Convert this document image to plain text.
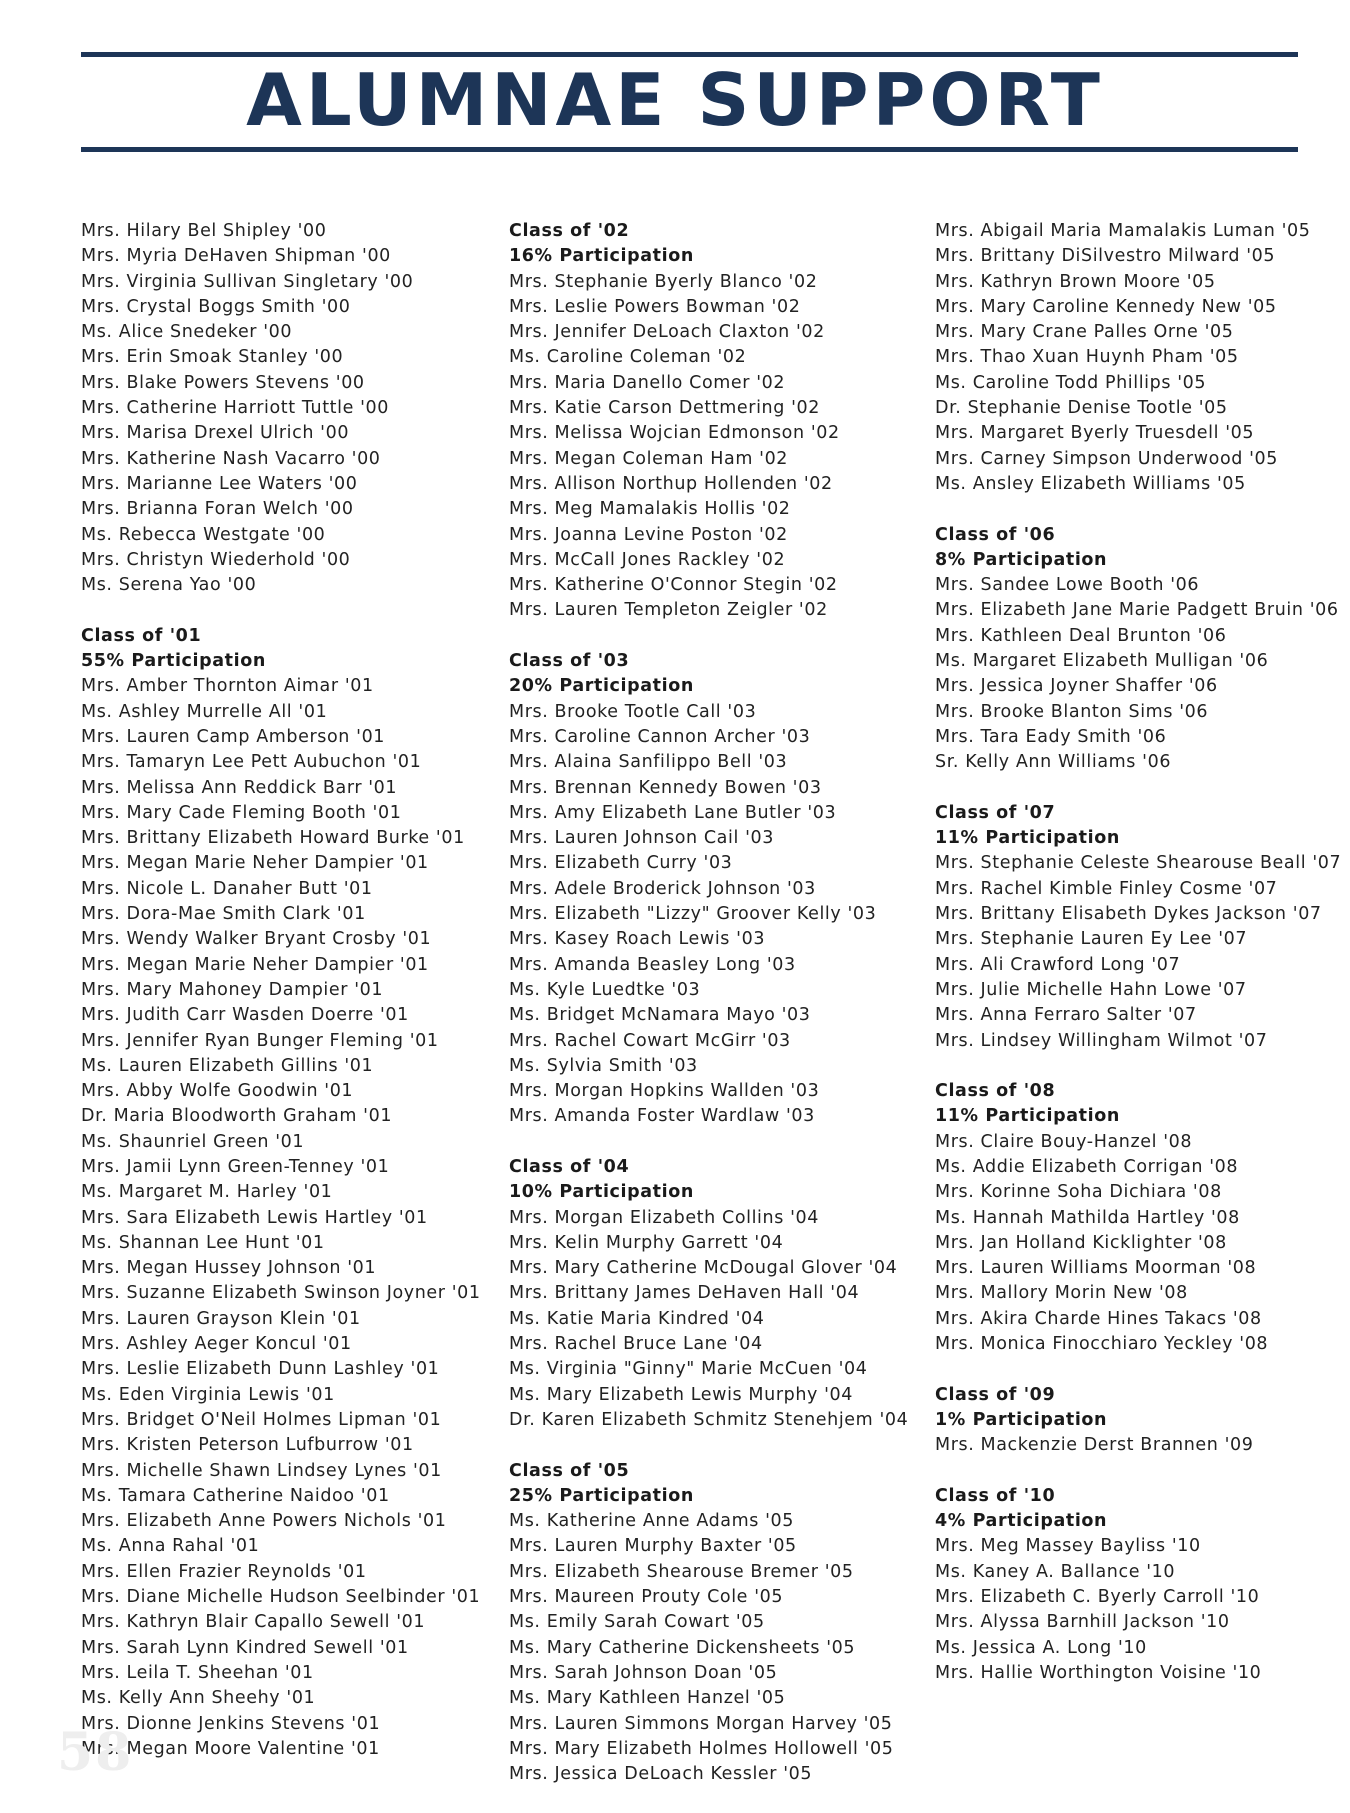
ALUMNAE SUPPORT
Mrs. Hilary Bel Shipley '00
Mrs. Myria DeHaven Shipman '00
Mrs. Virginia Sullivan Singletary '00
Mrs. Crystal Boggs Smith '00
Ms. Alice Snedeker '00
Mrs. Erin Smoak Stanley '00
Mrs. Blake Powers Stevens '00
Mrs. Catherine Harriott Tuttle '00
Mrs. Marisa Drexel Ulrich '00
Mrs. Katherine Nash Vacarro '00
Mrs. Marianne Lee Waters '00
Mrs. Brianna Foran Welch '00
Ms. Rebecca Westgate '00
Mrs. Christyn Wiederhold '00
Ms. Serena Yao '00
Class of '01
55% Participation
Mrs. Amber Thornton Aimar '01
Ms. Ashley Murrelle All '01
Mrs. Lauren Camp Amberson '01
Mrs. Tamaryn Lee Pett Aubuchon '01
Mrs. Melissa Ann Reddick Barr '01
Mrs. Mary Cade Fleming Booth '01
Mrs. Brittany Elizabeth Howard Burke '01
Mrs. Megan Marie Neher Dampier '01
Mrs. Nicole L. Danaher Butt '01
Mrs. Dora-Mae Smith Clark '01
Mrs. Wendy Walker Bryant Crosby '01
Mrs. Megan Marie Neher Dampier '01
Mrs. Mary Mahoney Dampier '01
Mrs. Judith Carr Wasden Doerre '01
Mrs. Jennifer Ryan Bunger Fleming '01
Ms. Lauren Elizabeth Gillins '01
Mrs. Abby Wolfe Goodwin '01
Dr. Maria Bloodworth Graham '01
Ms. Shaunriel Green '01
Mrs. Jamii Lynn Green-Tenney '01
Ms. Margaret M. Harley '01
Mrs. Sara Elizabeth Lewis Hartley '01
Ms. Shannan Lee Hunt '01
Mrs. Megan Hussey Johnson '01
Mrs. Suzanne Elizabeth Swinson Joyner '01
Mrs. Lauren Grayson Klein '01
Mrs. Ashley Aeger Koncul '01
Mrs. Leslie Elizabeth Dunn Lashley '01
Ms. Eden Virginia Lewis '01
Mrs. Bridget O'Neil Holmes Lipman '01
Mrs. Kristen Peterson Lufburrow '01
Mrs. Michelle Shawn Lindsey Lynes '01
Ms. Tamara Catherine Naidoo '01
Mrs. Elizabeth Anne Powers Nichols '01
Ms. Anna Rahal '01
Mrs. Ellen Frazier Reynolds '01
Mrs. Diane Michelle Hudson Seelbinder '01
Mrs. Kathryn Blair Capallo Sewell '01
Mrs. Sarah Lynn Kindred Sewell '01
Mrs. Leila T. Sheehan '01
Ms. Kelly Ann Sheehy '01
Mrs. Dionne Jenkins Stevens '01
Mrs. Megan Moore Valentine '01
Class of '02
16% Participation
Mrs. Stephanie Byerly Blanco '02
Mrs. Leslie Powers Bowman '02
Mrs. Jennifer DeLoach Claxton '02
Ms. Caroline Coleman '02
Mrs. Maria Danello Comer '02
Mrs. Katie Carson Dettmering '02
Mrs. Melissa Wojcian Edmonson '02
Mrs. Megan Coleman Ham '02
Mrs. Allison Northup Hollenden '02
Mrs. Meg Mamalakis Hollis '02
Mrs. Joanna Levine Poston '02
Mrs. McCall Jones Rackley '02
Mrs. Katherine O'Connor Stegin '02
Mrs. Lauren Templeton Zeigler '02
Class of '03
20% Participation
Mrs. Brooke Tootle Call '03
Mrs. Caroline Cannon Archer '03
Mrs. Alaina Sanfilippo Bell '03
Mrs. Brennan Kennedy Bowen '03
Mrs. Amy Elizabeth Lane Butler '03
Mrs. Lauren Johnson Cail '03
Mrs. Elizabeth Curry '03
Mrs. Adele Broderick Johnson '03
Mrs. Elizabeth "Lizzy" Groover Kelly '03
Mrs. Kasey Roach Lewis '03
Mrs. Amanda Beasley Long '03
Ms. Kyle Luedtke '03
Ms. Bridget McNamara Mayo '03
Mrs. Rachel Cowart McGirr '03
Ms. Sylvia Smith '03
Mrs. Morgan Hopkins Wallden '03
Mrs. Amanda Foster Wardlaw '03
Class of '04
10% Participation
Mrs. Morgan Elizabeth Collins '04
Mrs. Kelin Murphy Garrett '04
Mrs. Mary Catherine McDougal Glover '04
Mrs. Brittany James DeHaven Hall '04
Ms. Katie Maria Kindred '04
Mrs. Rachel Bruce Lane '04
Ms. Virginia "Ginny" Marie McCuen '04
Ms. Mary Elizabeth Lewis Murphy '04
Dr. Karen Elizabeth Schmitz Stenehjem '04
Class of '05
25% Participation
Ms. Katherine Anne Adams '05
Mrs. Lauren Murphy Baxter '05
Mrs. Elizabeth Shearouse Bremer '05
Mrs. Maureen Prouty Cole '05
Ms. Emily Sarah Cowart '05
Ms. Mary Catherine Dickensheets '05
Mrs. Sarah Johnson Doan '05
Ms. Mary Kathleen Hanzel '05
Mrs. Lauren Simmons Morgan Harvey '05
Mrs. Mary Elizabeth Holmes Hollowell '05
Mrs. Jessica DeLoach Kessler '05
Mrs. Abigail Maria Mamalakis Luman '05
Mrs. Brittany DiSilvestro Milward '05
Mrs. Kathryn Brown Moore '05
Mrs. Mary Caroline Kennedy New '05
Mrs. Mary Crane Palles Orne '05
Mrs. Thao Xuan Huynh Pham '05
Ms. Caroline Todd Phillips '05
Dr. Stephanie Denise Tootle '05
Mrs. Margaret Byerly Truesdell '05
Mrs. Carney Simpson Underwood '05
Ms. Ansley Elizabeth Williams '05
Class of '06
8% Participation
Mrs. Sandee Lowe Booth '06
Mrs. Elizabeth Jane Marie Padgett Bruin '06
Mrs. Kathleen Deal Brunton '06
Ms. Margaret Elizabeth Mulligan '06
Mrs. Jessica Joyner Shaffer '06
Mrs. Brooke Blanton Sims '06
Mrs. Tara Eady Smith '06
Sr. Kelly Ann Williams '06
Class of '07
11% Participation
Mrs. Stephanie Celeste Shearouse Beall '07
Mrs. Rachel Kimble Finley Cosme '07
Mrs. Brittany Elisabeth Dykes Jackson '07
Mrs. Stephanie Lauren Ey Lee '07
Mrs. Ali Crawford Long '07
Mrs. Julie Michelle Hahn Lowe '07
Mrs. Anna Ferraro Salter '07
Mrs. Lindsey Willingham Wilmot '07
Class of '08
11% Participation
Mrs. Claire Bouy-Hanzel '08
Ms. Addie Elizabeth Corrigan '08
Mrs. Korinne Soha Dichiara '08
Ms. Hannah Mathilda Hartley '08
Mrs. Jan Holland Kicklighter '08
Mrs. Lauren Williams Moorman '08
Mrs. Mallory Morin New '08
Mrs. Akira Charde Hines Takacs '08
Mrs. Monica Finocchiaro Yeckley '08
Class of '09
1% Participation
Mrs. Mackenzie Derst Brannen '09
Class of '10
4% Participation
Mrs. Meg Massey Bayliss '10
Ms. Kaney A. Ballance '10
Mrs. Elizabeth C. Byerly Carroll '10
Mrs. Alyssa Barnhill Jackson '10
Ms. Jessica A. Long '10
Mrs. Hallie Worthington Voisine '10
58
